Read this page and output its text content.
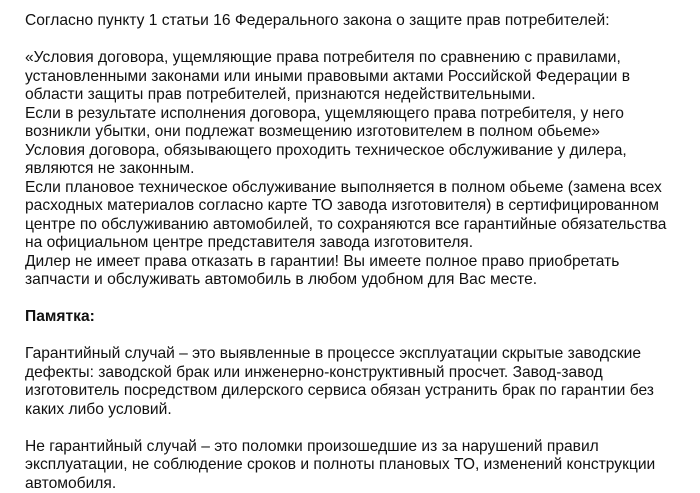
Согласно пункту 1 статьи 16 Федерального закона о защите прав потребителей:
«Условия договора, ущемляющие права потребителя по сравнению с правилами,
установленными законами или иными правовыми актами Российской Федерации в
области защиты прав потребителей, признаются недействительными.
Если в результате исполнения договора, ущемляющего права потребителя, у него
возникли убытки, они подлежат возмещению изготовителем в полном обьеме»
Условия договора, обязывающего проходить техническое обслуживание у дилера,
являются не законным.
Если плановое техническое обслуживание выполняется в полном обьеме (замена всех
расходных материалов согласно карте ТО завода изготовителя) в сертифицированном
центре по обслуживанию автомобилей, то сохраняются все гарантийные обязательства
на официальном центре представителя завода изготовителя.
Дилер не имеет права отказать в гарантии! Вы имеете полное право приобретать
запчасти и обслуживать автомобиль в любом удобном для Вас месте.
Памятка:
Гарантийный случай – это выявленные в процессе эксплуатации скрытые заводские
дефекты: заводской брак или инженерно-конструктивный просчет. Завод-завод
изготовитель посредством дилерского сервиса обязан устранить брак по гарантии без
каких либо условий.
Не гарантийный случай – это поломки произошедшие из за нарушений правил
эксплуатации, не соблюдение сроков и полноты плановых ТО, изменений конструкции
автомобиля.
